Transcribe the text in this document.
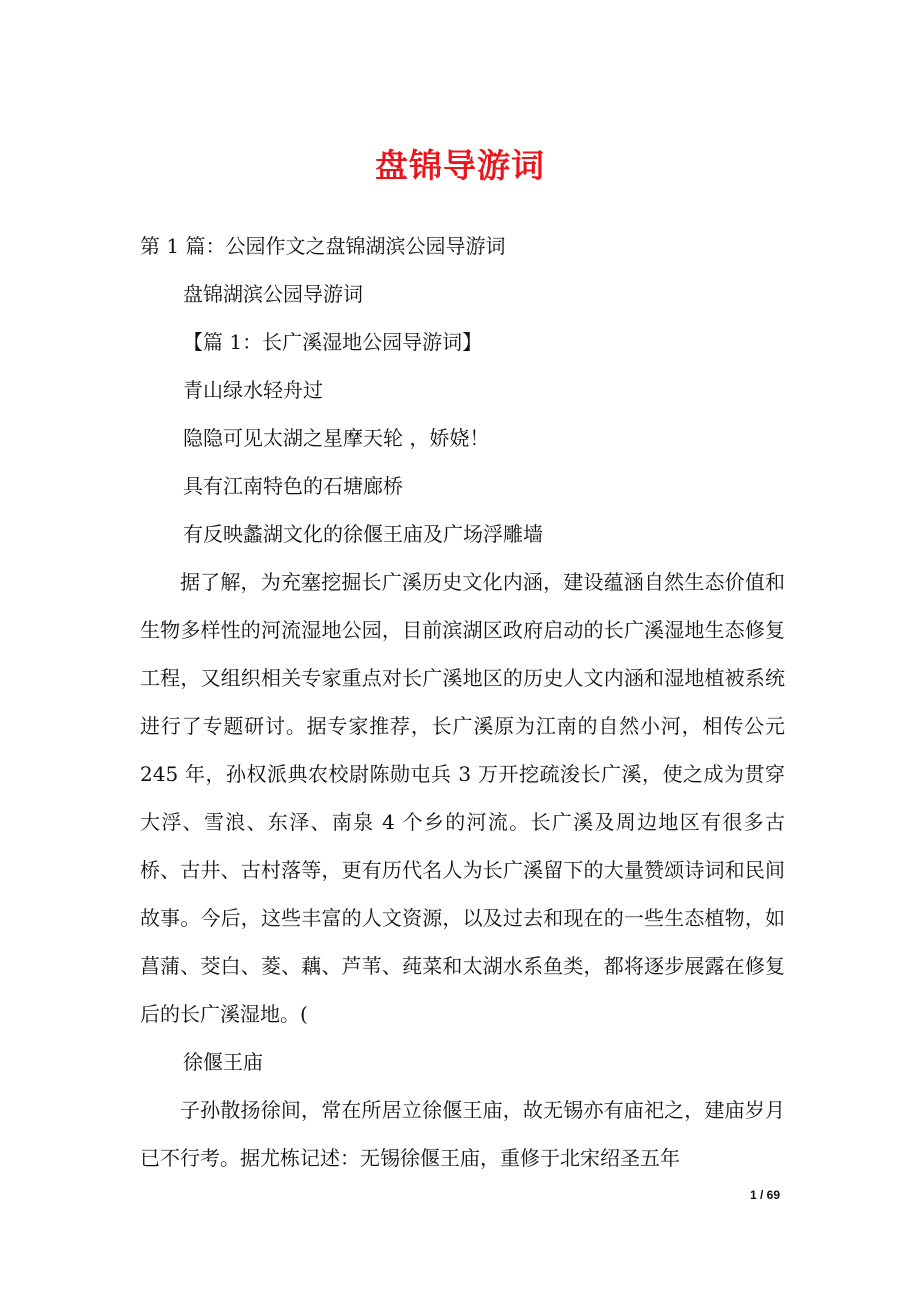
盘锦导游词
第 1 篇：公园作文之盘锦湖滨公园导游词
盘锦湖滨公园导游词
【篇 1：长广溪湿地公园导游词】
青山绿水轻舟过
隐隐可见太湖之星摩天轮 ，娇娆！
具有江南特色的石塘廊桥
有反映蠡湖文化的徐偃王庙及广场浮雕墙
据了解，为充塞挖掘长广溪历史文化内涵，建设蕴涵自然生态价值和生物多样性的河流湿地公园，目前滨湖区政府启动的长广溪湿地生态修复工程，又组织相关专家重点对长广溪地区的历史人文内涵和湿地植被系统进行了专题研讨。据专家推荐，长广溪原为江南的自然小河，相传公元 245 年，孙权派典农校尉陈勋屯兵 3 万开挖疏浚长广溪，使之成为贯穿大浮、雪浪、东泽、南泉 4 个乡的河流。长广溪及周边地区有很多古桥、古井、古村落等，更有历代名人为长广溪留下的大量赞颂诗词和民间故事。今后，这些丰富的人文资源，以及过去和现在的一些生态植物，如菖蒲、茭白、菱、藕、芦苇、莼菜和太湖水系鱼类，都将逐步展露在修复后的长广溪湿地。(
徐偃王庙
子孙散扬徐间，常在所居立徐偃王庙，故无锡亦有庙祀之，建庙岁月已不行考。据尤栋记述：无锡徐偃王庙，重修于北宋绍圣五年
1 / 69
